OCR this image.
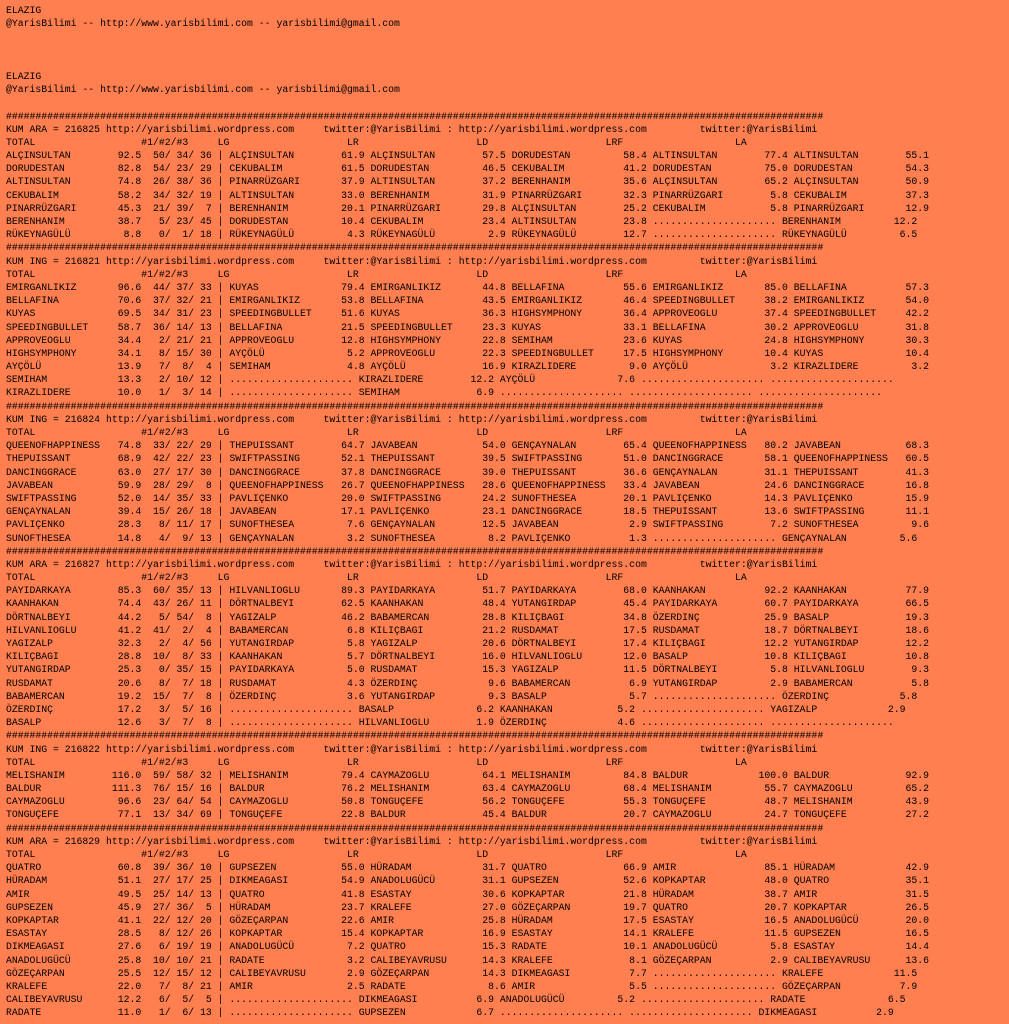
ELAZIG
@YarisBilimi -- http://www.yarisbilimi.com -- yarisbilimi@gmail.com
ELAZIG
@YarisBilimi -- http://www.yarisbilimi.com -- yarisbilimi@gmail.com
###########################################################################################################################################
KUM ARA = 216825 http://yarisbilimi.wordpress.com     twitter:@YarisBilimi : http://yarisbilimi.wordpress.com         twitter:@YarisBilimi
TOTAL                  #1/#2/#3     LG                    LR                    LD                    LRF                   LA
ALÇINSULTAN        92.5  50/ 34/ 36 | ALÇINSULTAN        61.9 ALÇINSULTAN        57.5 DORUDESTAN         58.4 ALTINSULTAN        77.4 ALTINSULTAN        55.1
DORUDESTAN         82.8  54/ 23/ 29 | CEKUBALIM          61.5 DORUDESTAN         46.5 CEKUBALIM          41.2 DORUDESTAN         75.0 DORUDESTAN         54.3
ALTINSULTAN        74.8  26/ 38/ 36 | PINARRÜZGARI       37.9 ALTINSULTAN        37.2 BERENHANIM         35.6 ALÇINSULTAN        65.2 ALÇINSULTAN        50.9
CEKUBALIM          58.2  34/ 32/ 19 | ALTINSULTAN        33.0 BERENHANIM         31.9 PINARRÜZGARI       32.3 PINARRÜZGARI        5.8 CEKUBALIM          37.3
PINARRÜZGARI       45.3  21/ 39/  7 | BERENHANIM         20.1 PINARRÜZGARI       29.8 ALÇINSULTAN        25.2 CEKUBALIM           5.8 PINARRÜZGARI       12.9
BERENHANIM         38.7   5/ 23/ 45 | DORUDESTAN         10.4 CEKUBALIM          23.4 ALTINSULTAN        23.8 ..................... BERENHANIM         12.2
RÜKEYNAGÜLÜ         8.8   0/  1/ 18 | RÜKEYNAGÜLÜ         4.3 RÜKEYNAGÜLÜ         2.9 RÜKEYNAGÜLÜ        12.7 ..................... RÜKEYNAGÜLÜ         6.5
###########################################################################################################################################
KUM ING = 216821 http://yarisbilimi.wordpress.com     twitter:@YarisBilimi : http://yarisbilimi.wordpress.com         twitter:@YarisBilimi
TOTAL                  #1/#2/#3     LG                    LR                    LD                    LRF                   LA
EMIRGANLIKIZ       96.6  44/ 37/ 33 | KUYAS              79.4 EMIRGANLIKIZ       44.8 BELLAFINA          55.6 EMIRGANLIKIZ       85.0 BELLAFINA          57.3
BELLAFINA          70.6  37/ 32/ 21 | EMIRGANLIKIZ       53.8 BELLAFINA          43.5 EMIRGANLIKIZ       46.4 SPEEDINGBULLET     38.2 EMIRGANLIKIZ       54.0
KUYAS              69.5  34/ 31/ 23 | SPEEDINGBULLET     51.6 KUYAS              36.3 HIGHSYMPHONY       36.4 APPROVEOGLU        37.4 SPEEDINGBULLET     42.2
SPEEDINGBULLET     58.7  36/ 14/ 13 | BELLAFINA          21.5 SPEEDINGBULLET     23.3 KUYAS              33.1 BELLAFINA          30.2 APPROVEOGLU        31.8
APPROVEOGLU        34.4   2/ 21/ 21 | APPROVEOGLU        12.8 HIGHSYMPHONY       22.8 SEMIHAM            23.6 KUYAS              24.8 HIGHSYMPHONY       30.3
HIGHSYMPHONY       34.1   8/ 15/ 30 | AYÇÖLÜ              5.2 APPROVEOGLU        22.3 SPEEDINGBULLET     17.5 HIGHSYMPHONY       10.4 KUYAS              10.4
AYÇÖLÜ             13.9   7/  8/  4 | SEMIHAM             4.8 AYÇÖLÜ             16.9 KIRAZLIDERE         9.0 AYÇÖLÜ              3.2 KIRAZLIDERE         3.2
SEMIHAM            13.3   2/ 10/ 12 | ..................... KIRAZLIDERE        12.2 AYÇÖLÜ              7.6 ..................... .....................
KIRAZLIDERE        10.0   1/  3/ 14 | ..................... SEMIHAM             6.9 ..................... ..................... .....................
###########################################################################################################################################
KUM ING = 216824 http://yarisbilimi.wordpress.com     twitter:@YarisBilimi : http://yarisbilimi.wordpress.com         twitter:@YarisBilimi
TOTAL                  #1/#2/#3     LG                    LR                    LD                    LRF                   LA
QUEENOFHAPPINESS   74.8  33/ 22/ 29 | THEPUISSANT        64.7 JAVABEAN           54.0 GENÇAYNALAN        65.4 QUEENOFHAPPINESS   80.2 JAVABEAN           68.3
THEPUISSANT        68.9  42/ 22/ 23 | SWIFTPASSING       52.1 THEPUISSANT        39.5 SWIFTPASSING       51.0 DANCINGGRACE       58.1 QUEENOFHAPPINESS   60.5
DANCINGGRACE       63.0  27/ 17/ 30 | DANCINGGRACE       37.8 DANCINGGRACE       39.0 THEPUISSANT        36.6 GENÇAYNALAN        31.1 THEPUISSANT        41.3
JAVABEAN           59.9  28/ 29/  8 | QUEENOFHAPPINESS   26.7 QUEENOFHAPPINESS   28.6 QUEENOFHAPPINESS   33.4 JAVABEAN           24.6 DANCINGGRACE       16.8
SWIFTPASSING       52.0  14/ 35/ 33 | PAVLIÇENKO         20.0 SWIFTPASSING       24.2 SUNOFTHESEA        20.1 PAVLIÇENKO         14.3 PAVLIÇENKO         15.9
GENÇAYNALAN        39.4  15/ 26/ 18 | JAVABEAN           17.1 PAVLIÇENKO         23.1 DANCINGGRACE       18.5 THEPUISSANT        13.6 SWIFTPASSING       11.1
PAVLIÇENKO         28.3   8/ 11/ 17 | SUNOFTHESEA         7.6 GENÇAYNALAN        12.5 JAVABEAN            2.9 SWIFTPASSING        7.2 SUNOFTHESEA         9.6
SUNOFTHESEA        14.8   4/  9/ 13 | GENÇAYNALAN         3.2 SUNOFTHESEA         8.2 PAVLIÇENKO          1.3 ..................... GENÇAYNALAN         5.6
###########################################################################################################################################
KUM ARA = 216827 http://yarisbilimi.wordpress.com     twitter:@YarisBilimi : http://yarisbilimi.wordpress.com         twitter:@YarisBilimi
TOTAL                  #1/#2/#3     LG                    LR                    LD                    LRF                   LA
PAYIDARKAYA        85.3  60/ 35/ 13 | HILVANLIOGLU       89.3 PAYIDARKAYA        51.7 PAYIDARKAYA        68.0 KAANHAKAN          92.2 KAANHAKAN          77.9
KAANHAKAN          74.4  43/ 26/ 11 | DÖRTNALBEYI        62.5 KAANHAKAN          48.4 YUTANGIRDAP        45.4 PAYIDARKAYA        60.7 PAYIDARKAYA        66.5
DÖRTNALBEYI        44.2   5/ 54/  8 | YAGIZALP           46.2 BABAMERCAN         28.8 KILIÇBAGI          34.8 ÖZERDINÇ           25.9 BASALP             19.3
HILVANLIOGLU       41.2  41/  2/  4 | BABAMERCAN          6.8 KILIÇBAGI          21.2 RUSDAMAT           17.5 RUSDAMAT           18.7 DÖRTNALBEYI        18.6
YAGIZALP           32.3   2/  4/ 56 | YUTANGIRDAP         5.8 YAGIZALP           20.6 DÖRTNALBEYI        17.4 KILIÇBAGI          12.2 YUTANGIRDAP        12.2
KILIÇBAGI          28.8  10/  8/ 33 | KAANHAKAN           5.7 DÖRTNALBEYI        16.0 HILVANLIOGLU       12.0 BASALP             10.8 KILIÇBAGI          10.8
YUTANGIRDAP        25.3   0/ 35/ 15 | PAYIDARKAYA         5.0 RUSDAMAT           15.3 YAGIZALP           11.5 DÖRTNALBEYI         5.8 HILVANLIOGLU        9.3
RUSDAMAT           20.6   8/  7/ 18 | RUSDAMAT            4.3 ÖZERDINÇ            9.6 BABAMERCAN          6.9 YUTANGIRDAP         2.9 BABAMERCAN          5.8
BABAMERCAN         19.2  15/  7/  8 | ÖZERDINÇ            3.6 YUTANGIRDAP         9.3 BASALP              5.7 ..................... ÖZERDINÇ            5.8
ÖZERDINÇ           17.2   3/  5/ 16 | ..................... BASALP              6.2 KAANHAKAN           5.2 ..................... YAGIZALP            2.9
BASALP             12.6   3/  7/  8 | ..................... HILVANLIOGLU        1.9 ÖZERDINÇ            4.6 ..................... .....................
###########################################################################################################################################
KUM ING = 216822 http://yarisbilimi.wordpress.com     twitter:@YarisBilimi : http://yarisbilimi.wordpress.com         twitter:@YarisBilimi
TOTAL                  #1/#2/#3     LG                    LR                    LD                    LRF                   LA
MELISHANIM        116.0  59/ 58/ 32 | MELISHANIM         79.4 CAYMAZOGLU         64.1 MELISHANIM         84.8 BALDUR            100.0 BALDUR             92.9
BALDUR            111.3  76/ 15/ 16 | BALDUR             76.2 MELISHANIM         63.4 CAYMAZOGLU         68.4 MELISHANIM         55.7 CAYMAZOGLU         65.2
CAYMAZOGLU         96.6  23/ 64/ 54 | CAYMAZOGLU         50.8 TONGUÇEFE          56.2 TONGUÇEFE          55.3 TONGUÇEFE          48.7 MELISHANIM         43.9
TONGUÇEFE          77.1  13/ 34/ 69 | TONGUÇEFE          22.8 BALDUR             45.4 BALDUR             20.7 CAYMAZOGLU         24.7 TONGUÇEFE          27.2
###########################################################################################################################################
KUM ARA = 216829 http://yarisbilimi.wordpress.com     twitter:@YarisBilimi : http://yarisbilimi.wordpress.com         twitter:@YarisBilimi
TOTAL                  #1/#2/#3     LG                    LR                    LD                    LRF                   LA
QUATRO             60.8  39/ 36/ 10 | GUPSEZEN           55.0 HÜRADAM            31.7 QUATRO             66.9 AMIR               85.1 HÜRADAM            42.9
HÜRADAM            51.1  27/ 17/ 25 | DIKMEAGASI         54.9 ANADOLUGÜCÜ        31.1 GUPSEZEN           52.6 KOPKAPTAR          48.0 QUATRO             35.1
AMIR               49.5  25/ 14/ 13 | QUATRO             41.8 ESASTAY            30.6 KOPKAPTAR          21.8 HÜRADAM            38.7 AMIR               31.5
GUPSEZEN           45.9  27/ 36/  5 | HÜRADAM            23.7 KRALEFE            27.0 GÖZEÇARPAN         19.7 QUATRO             20.7 KOPKAPTAR          26.5
KOPKAPTAR          41.1  22/ 12/ 20 | GÖZEÇARPAN         22.6 AMIR               25.8 HÜRADAM            17.5 ESASTAY            16.5 ANADOLUGÜCÜ        20.0
ESASTAY            28.5   8/ 12/ 26 | KOPKAPTAR          15.4 KOPKAPTAR          16.9 ESASTAY            14.1 KRALEFE            11.5 GUPSEZEN           16.5
DIKMEAGASI         27.6   6/ 19/ 19 | ANADOLUGÜCÜ         7.2 QUATRO             15.3 RADATE             10.1 ANADOLUGÜCÜ         5.8 ESASTAY            14.4
ANADOLUGÜCÜ        25.8  10/ 10/ 21 | RADATE              3.2 CALIBEYAVRUSU      14.3 KRALEFE             8.1 GÖZEÇARPAN          2.9 CALIBEYAVRUSU      13.6
GÖZEÇARPAN         25.5  12/ 15/ 12 | CALIBEYAVRUSU       2.9 GÖZEÇARPAN         14.3 DIKMEAGASI          7.7 ..................... KRALEFE            11.5
KRALEFE            22.0   7/  8/ 21 | AMIR                2.5 RADATE              8.6 AMIR                5.5 ..................... GÖZEÇARPAN          7.9
CALIBEYAVRUSU      12.2   6/  5/  5 | ..................... DIKMEAGASI          6.9 ANADOLUGÜCÜ         5.2 ..................... RADATE              6.5
RADATE             11.0   1/  6/ 13 | ..................... GUPSEZEN            6.7 ..................... ..................... DIKMEAGASI          2.9
